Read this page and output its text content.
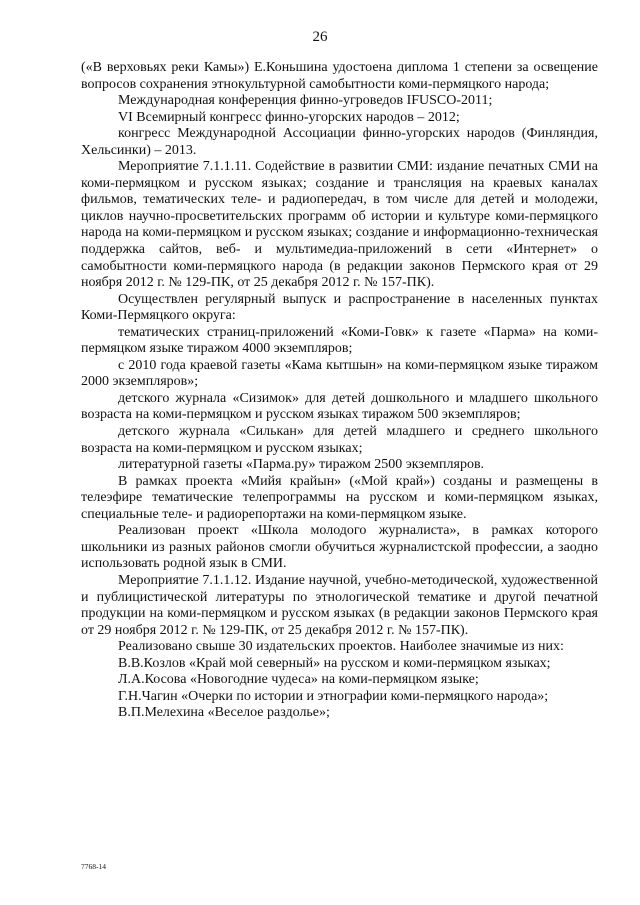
26

(«В верховьях реки Камы») Е.Коньшина удостоена диплома 1 степени за освещение вопросов сохранения этнокультурной самобытности коми-пермяцкого народа;

Международная конференция финно-угроведов IFUSCO-2011;

VI Всемирный конгресс финно-угорских народов – 2012;

конгресс Международной Ассоциации финно-угорских народов (Финляндия, Хельсинки) – 2013.

Мероприятие 7.1.1.11. Содействие в развитии СМИ: издание печатных СМИ на коми-пермяцком и русском языках; создание и трансляция на краевых каналах фильмов, тематических теле- и радиопередач, в том числе для детей и молодежи, циклов научно-просветительских программ об истории и культуре коми-пермяцкого народа на коми-пермяцком и русском языках; создание и информационно-техническая поддержка сайтов, веб- и мультимедиа-приложений в сети «Интернет» о самобытности коми-пермяцкого народа (в редакции законов Пермского края от 29 ноября 2012 г. № 129-ПК, от 25 декабря 2012 г. № 157-ПК).

Осуществлен регулярный выпуск и распространение в населенных пунктах Коми-Пермяцкого округа:

тематических страниц-приложений «Коми-Говк» к газете «Парма» на коми-пермяцком языке тиражом 4000 экземпляров;

с 2010 года краевой газеты «Кама кытшын» на коми-пермяцком языке тиражом 2000 экземпляров»;

детского журнала «Сизимок» для детей дошкольного и младшего школьного возраста на коми-пермяцком и русском языках тиражом 500 экземпляров;

детского журнала «Силькан» для детей младшего и среднего школьного возраста на коми-пермяцком и русском языках;

литературной газеты «Парма.ру» тиражом 2500 экземпляров.

В рамках проекта «Мийя крайын» («Мой край») созданы и размещены в телеэфире тематические телепрограммы на русском и коми-пермяцком языках, специальные теле- и радиорепортажи на коми-пермяцком языке.

Реализован проект «Школа молодого журналиста», в рамках которого школьники из разных районов смогли обучиться журналистской профессии, а заодно использовать родной язык в СМИ.

Мероприятие 7.1.1.12. Издание научной, учебно-методической, художественной и публицистической литературы по этнологической тематике и другой печатной продукции на коми-пермяцком и русском языках (в редакции законов Пермского края от 29 ноября 2012 г. № 129-ПК, от 25 декабря 2012 г. № 157-ПК).

Реализовано свыше 30 издательских проектов. Наиболее значимые из них:

В.В.Козлов «Край мой северный» на русском и коми-пермяцком языках;

Л.А.Косова «Новогодние чудеса» на коми-пермяцком языке;

Г.Н.Чагин «Очерки по истории и этнографии коми-пермяцкого народа»;

В.П.Мелехина «Веселое раздолье»;

7768-14
